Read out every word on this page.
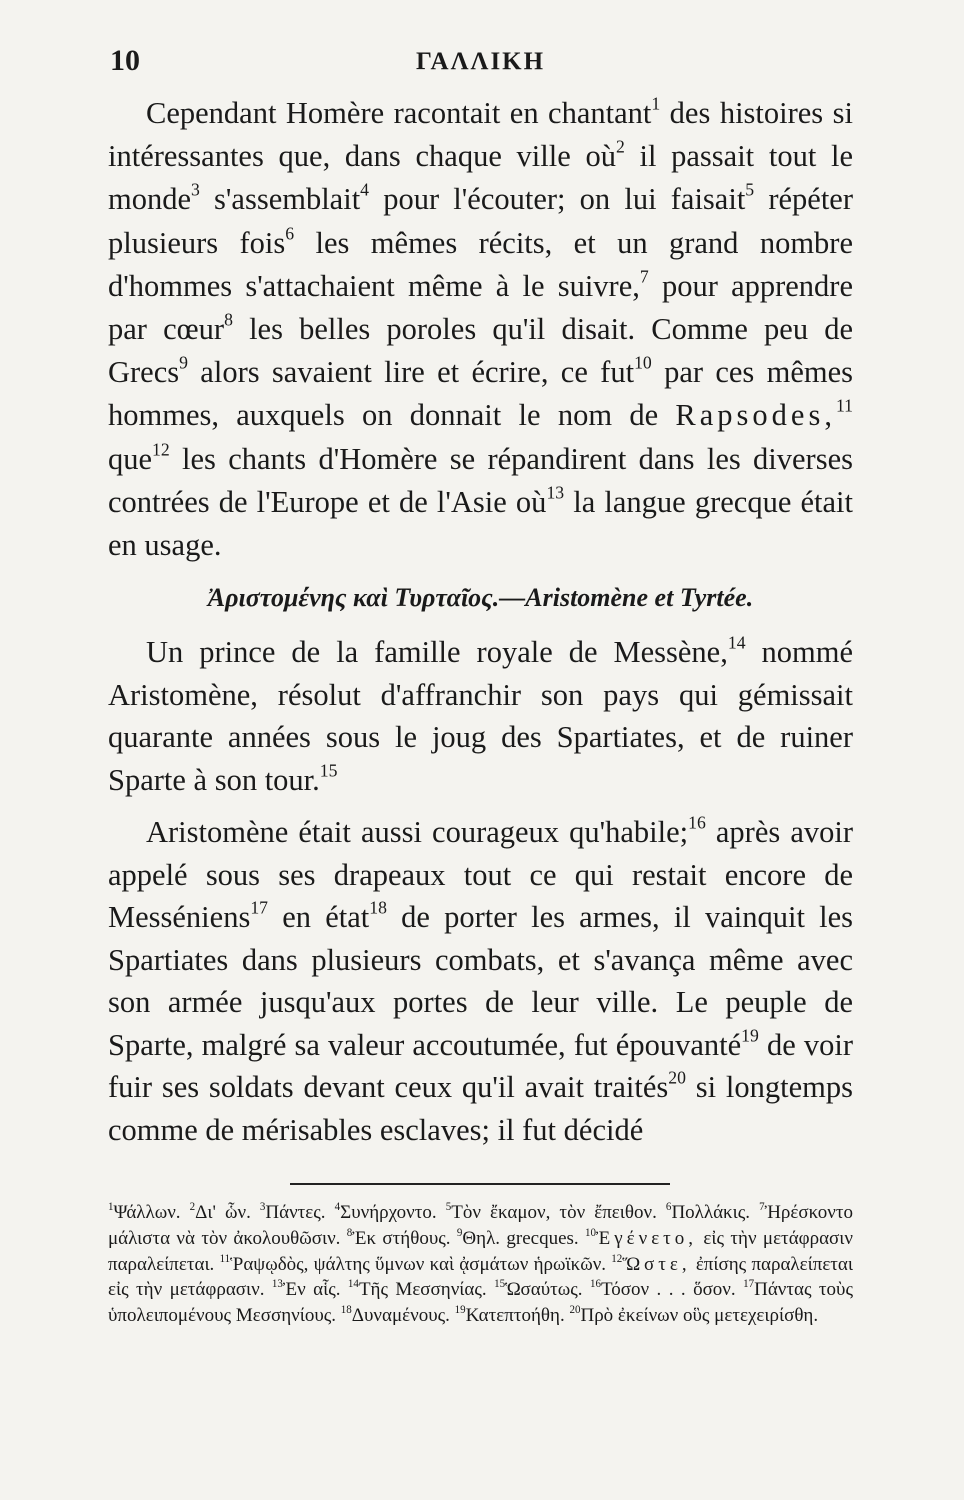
10	ΓΑΛΛΙΚΗ

Cependant Homère racontait en chantant$^1$ des histoires si intéressantes que, dans chaque ville $où^2$ il passait tout le monde$^3$ s'assemblait$^4$ pour l'écouter; on lui faisait$^5$ répéter plusieurs fois$^6$ les mêmes récits, et un grand nombre d'hommes s'attachaient même à le suivre,$^7$ pour apprendre par cœur$^8$ les belles poroles qu'il disait. Comme peu de Grecs$^9$ alors savaient lire et écrire, ce fut$^{10}$ par ces mêmes hommes, auxquels on donnait le nom de Rapsodes,$^{11}$ que$^{12}$ les chants d'Homère se répandirent dans les diverses contrées de l'Europe et de l'Asie $où^{13}$ la langue grecque était en usage.

Ἀριστομένης καὶ Τυρταῖος.—Aristomène et Tyrtée.

Un prince de la famille royale de Messène,$^{14}$ nommé Aristomène, résolut d'affranchir son pays qui gémissait quarante années sous le joug des Spartiates, et de ruiner Sparte à son tour.$^{15}$

Aristomène était aussi courageux qu'habile;$^{16}$ après avoir appelé sous ses drapeaux tout ce qui restait encore de Messéniens$^{17}$ en état$^{18}$ de porter les armes, il vainquit les Spartiates dans plusieurs combats, et s'avança même avec son armée jusqu'aux portes de leur ville. Le peuple de Sparte, malgré sa valeur accoutumée, fut épouvanté$^{19}$ de voir fuir ses soldats devant ceux qu'il avait traités$^{20}$ si longtemps comme de mérisables esclaves; il fut décidé

$^1$Ψάλλων. $^2$Δι' ὧν. $^3$Πάντες. $^4$Συνήρχοντο. $^5$Τὸν ἔκαμον, τὸν ἔπειθον. $^6$Πολλάκις. $^7$Ἠρέσκοντο μάλιστα νὰ τὸν ἀκολουθῶσιν. $^8$Ἐκ στήθους. $^9$Θηλ. grecques. $^{10}$Ἐγένετο, εἰς τὴν μετάφρασιν παραλείπεται. $^{11}$Ῥαψῳδὸς, ψάλτης ὕμνων καὶ ᾀσμάτων ἡρωϊκῶν. $^{12}$Ὥστε, ἐπίσης παραλείπεται εἰς τὴν μετάφρασιν. $^{13}$Ἐν αἷς. $^{14}$Τῆς Μεσσηνίας. $^{15}$Ὡσαύτως. $^{16}$Τόσον . . . ὅσον. $^{17}$Πάντας τοὺς ὑπολειπομένους Μεσσηνίους. $^{18}$Δυναμένους. $^{19}$Κατεπτοήθη. $^{20}$Πρὸ ἐκείνων οὓς μετεχειρίσθη.
